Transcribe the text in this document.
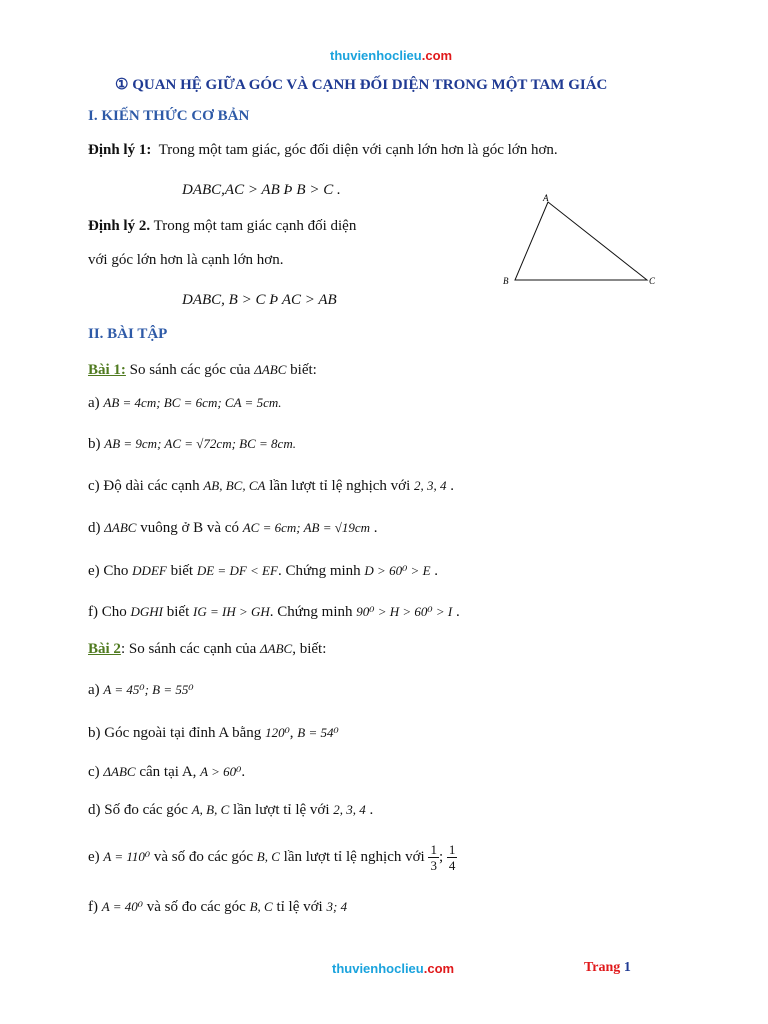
thuvienhoclieu.com
① QUAN HỆ GIỮA GÓC VÀ CẠNH ĐỐI DIỆN TRONG MỘT TAM GIÁC
I. KIẾN THỨC CƠ BẢN
Định lý 1: Trong một tam giác, góc đối diện với cạnh lớn hơn là góc lớn hơn.
DABC,AC > AB Þ B > C .
Định lý 2. Trong một tam giác cạnh đối diện
với góc lớn hơn là cạnh lớn hơn.
DABC, B > C Þ AC > AB
A
B	C
II. BÀI TẬP
Bài 1: So sánh các góc của ΔABC biết:
a) AB = 4cm; BC = 6cm; CA = 5cm.
b) AB = 9cm; AC = √72cm; BC = 8cm.
c) Độ dài các cạnh AB, BC, CA lần lượt tỉ lệ nghịch với 2, 3, 4 .
d) ΔABC vuông ở B và có AC = 6cm; AB = √19cm .
e) Cho DDEF biết DE = DF < EF. Chứng minh D > 60⁰ > E .
f) Cho DGHI biết IG = IH > GH. Chứng minh 90⁰ > H > 60⁰ > I .
Bài 2: So sánh các cạnh của ΔABC, biết:
a) A = 45⁰; B = 55⁰
b) Góc ngoài tại đỉnh A bằng 120⁰, B = 54⁰
c) ΔABC cân tại A, A > 60⁰.
d) Số đo các góc A, B, C lần lượt tỉ lệ với 2, 3, 4 .
e) A = 110⁰ và số đo các góc B, C lần lượt tỉ lệ nghịch với $\frac{1}{3}$ ; $\frac{1}{4}$
f) A = 40⁰ và số đo các góc B, C tỉ lệ với 3; 4
thuvienhoclieu.com	Trang 1
